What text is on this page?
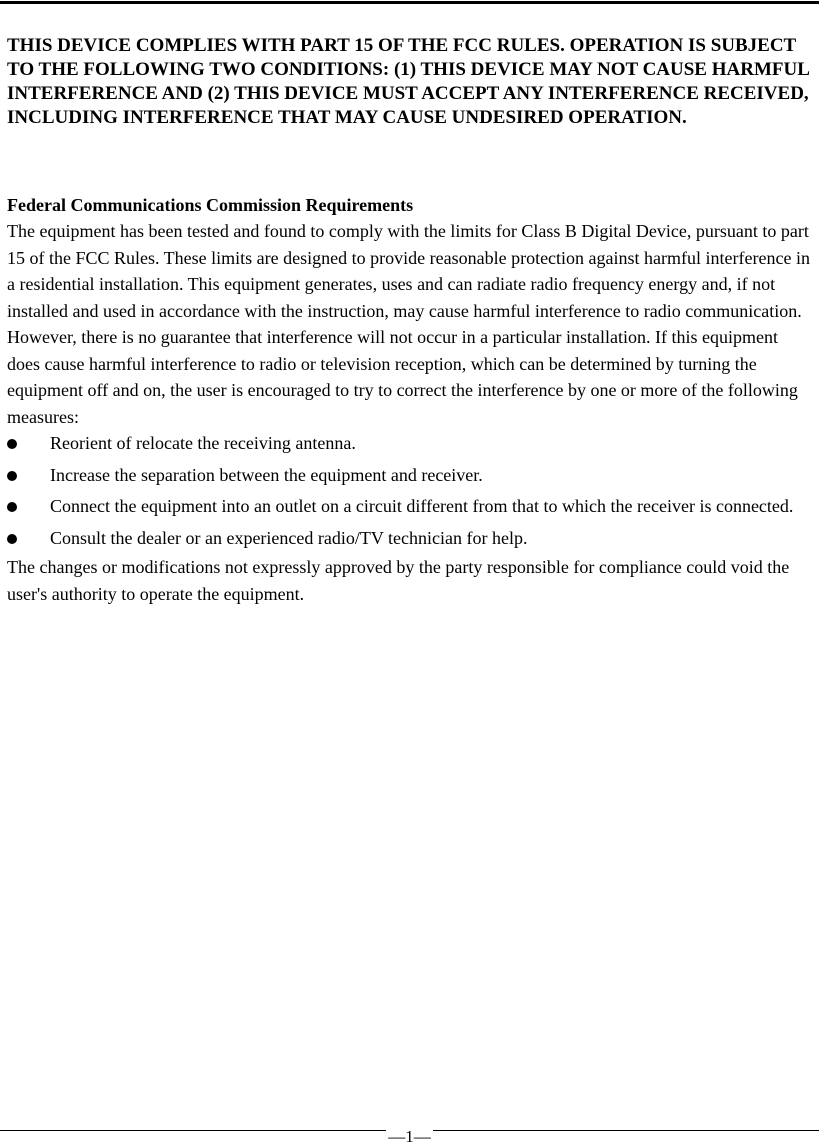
THIS DEVICE COMPLIES WITH PART 15 OF THE FCC RULES. OPERATION IS SUBJECT TO THE FOLLOWING TWO CONDITIONS: (1) THIS DEVICE MAY NOT CAUSE HARMFUL INTERFERENCE AND (2) THIS DEVICE MUST ACCEPT ANY INTERFERENCE RECEIVED, INCLUDING INTERFERENCE THAT MAY CAUSE UNDESIRED OPERATION.

Federal Communications Commission Requirements

The equipment has been tested and found to comply with the limits for Class B Digital Device, pursuant to part 15 of the FCC Rules. These limits are designed to provide reasonable protection against harmful interference in a residential installation. This equipment generates, uses and can radiate radio frequency energy and, if not installed and used in accordance with the instruction, may cause harmful interference to radio communication. However, there is no guarantee that interference will not occur in a particular installation. If this equipment does cause harmful interference to radio or television reception, which can be determined by turning the equipment off and on, the user is encouraged to try to correct the interference by one or more of the following measures:

Reorient of relocate the receiving antenna.
Increase the separation between the equipment and receiver.
Connect the equipment into an outlet on a circuit different from that to which the receiver is connected.
Consult the dealer or an experienced radio/TV technician for help.

The changes or modifications not expressly approved by the party responsible for compliance could void the user's authority to operate the equipment.

—1—
